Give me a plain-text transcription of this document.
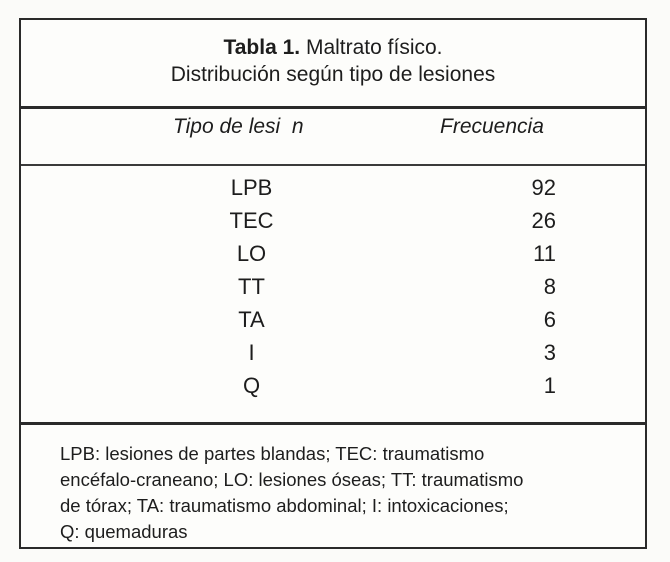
Tabla 1. Maltrato físico.
Distribución según tipo de lesiones
Tipo de lesi  n	Frecuencia
LPB	92
TEC	26
LO	11
TT	8
TA	6
I	3
Q	1
LPB: lesiones de partes blandas; TEC: traumatismo
encéfalo-craneano; LO: lesiones óseas; TT: traumatismo
de tórax; TA: traumatismo abdominal; I: intoxicaciones;
Q: quemaduras
